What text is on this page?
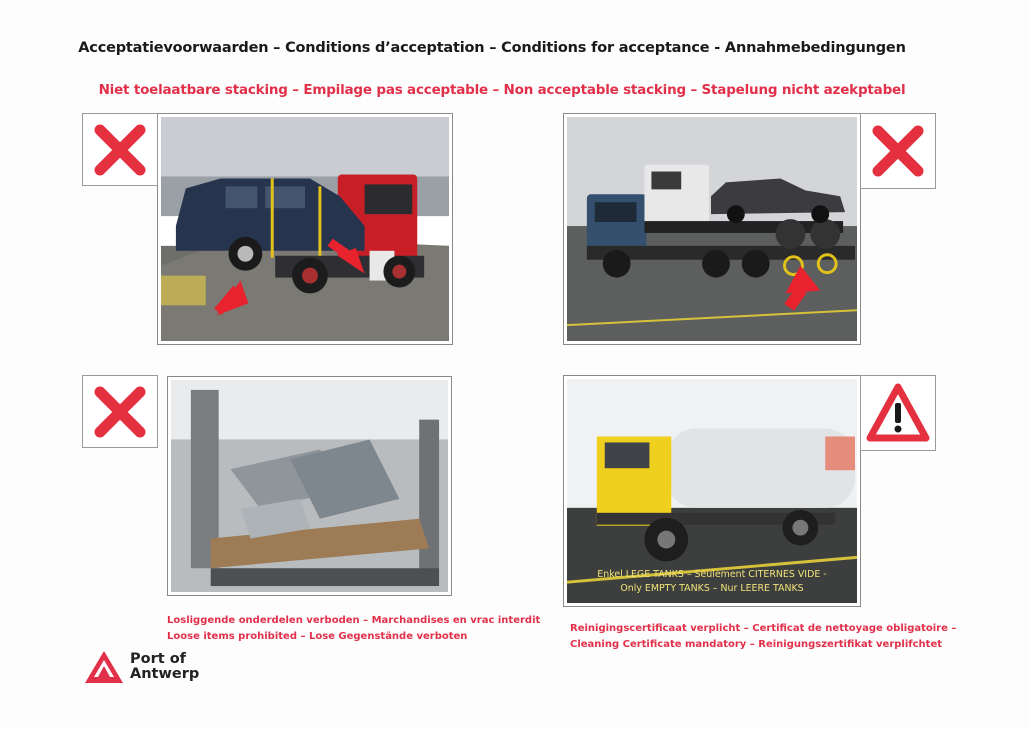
Acceptatievoorwaarden – Conditions d’acceptation – Conditions for acceptance - Annahmebedingungen
Niet toelaatbare stacking – Empilage pas acceptable – Non acceptable stacking – Stapelung nicht azekptabel
Losliggende onderdelen verboden – Marchandises en vrac interdit
Loose items prohibited – Lose Gegenstände verboten
Enkel LEGE TANKS – Seulement CITERNES VIDE -
Only EMPTY TANKS – Nur LEERE TANKS
Reinigingscertificaat verplicht – Certificat de nettoyage obligatoire –
Cleaning Certificate mandatory – Reinigungszertifikat verplifchtet
Port of
Antwerp
